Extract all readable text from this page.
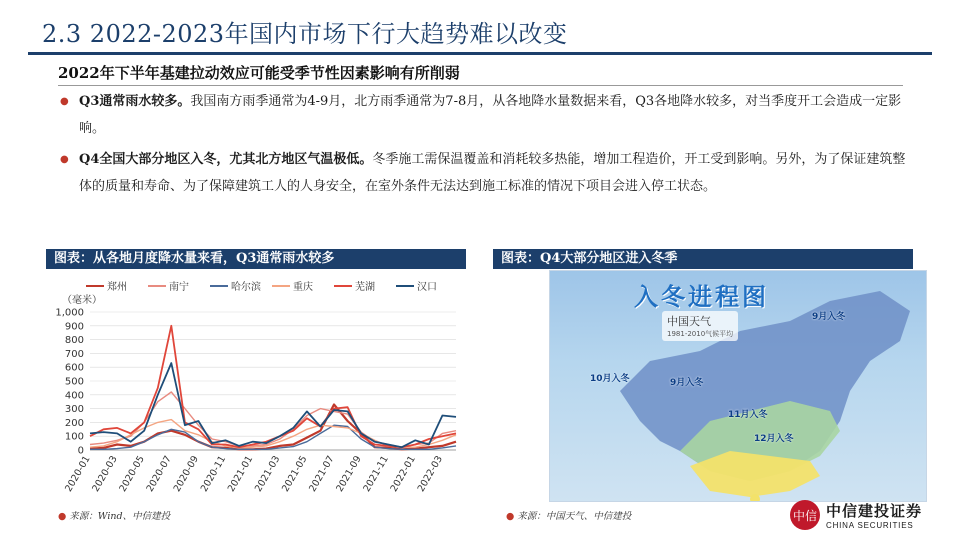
2.3 2022-2023年国内市场下行大趋势难以改变
2022年下半年基建拉动效应可能受季节性因素影响有所削弱
● Q3通常雨水较多。我国南方雨季通常为4-9月，北方雨季通常为7-8月，从各地降水量数据来看，Q3各地降水较多，对当季度开工会造成一定影响。
● Q4全国大部分地区入冬，尤其北方地区气温极低。冬季施工需保温覆盖和消耗较多热能，增加工程造价，开工受到影响。另外，为了保证建筑整体的质量和寿命、为了保障建筑工人的人身安全，在室外条件无法达到施工标准的情况下项目会进入停工状态。
图表：从各地月度降水量来看，Q3通常雨水较多
郑州	南宁	哈尔滨	重庆	芜湖	汉口
（毫米）
0
100
200
300
400
500
600
700
800
900
1,000
2020-01
2020-03
2020-05
2020-07
2020-09
2020-11
2021-01
2021-03
2021-05
2021-07
2021-09
2021-11
2022-01
2022-03
● 来源：Wind、中信建投
图表：Q4大部分地区进入冬季
入冬进程图
中国天气
1981-2010气候平均
9月入冬
10月入冬	9月入冬
11月入冬
12月入冬
● 来源：中国天气、中信建投	中信 中信建投证券
CHINA SECURITIES
